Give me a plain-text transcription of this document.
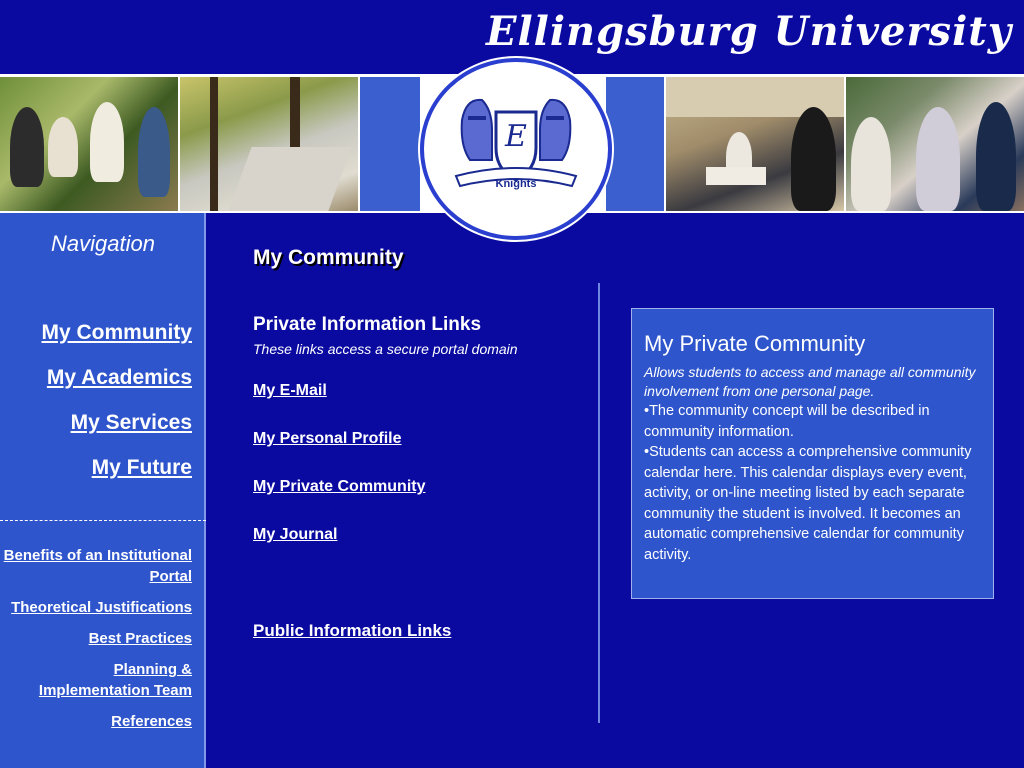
Ellingsburg University
E
Knights
Navigation
My Community
My Academics
My Services
My Future
Benefits of an Institutional Portal
Theoretical Justifications
Best Practices
Planning & Implementation Team
References
My Community
Private Information Links
These links access a secure portal domain
My E-Mail
My Personal Profile
My Private Community
My Journal
Public Information Links
My Private Community
Allows students to access and manage all community involvement from one personal page.
•The community concept will be described in community information.
•Students can access a comprehensive community calendar here. This calendar displays every event, activity, or on-line meeting listed by each separate community the student is involved. It becomes an automatic comprehensive calendar for community activity.
